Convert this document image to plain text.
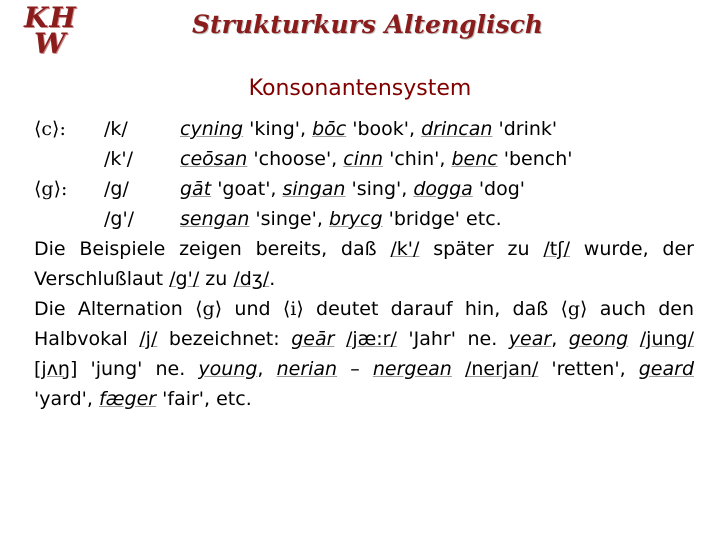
KH
W
Strukturkurs Altenglisch
Konsonantensystem
⟨c⟩: /k/	cyning 'king', bōc 'book', drincan 'drink'
/k'/ ceōsan 'choose', cinn 'chin', benc 'bench'
⟨g⟩: /g/	gāt 'goat', singan 'sing', dogga 'dog'
/g'/ sengan 'singe', brycg 'bridge' etc.
Die Beispiele zeigen bereits, daß /k'/ später zu /tʃ/ wurde, der Verschlußlaut /g'/ zu /dʒ/.
Die Alternation ⟨g⟩ und ⟨i⟩ deutet darauf hin, daß ⟨g⟩ auch den Halbvokal /j/ bezeichnet: geār /jæ:r/ 'Jahr' ne. year, geong /jung/ [jʌŋ] 'jung' ne. young, nerian – nergean /nerjan/ 'retten', geard 'yard', fæger 'fair', etc.
